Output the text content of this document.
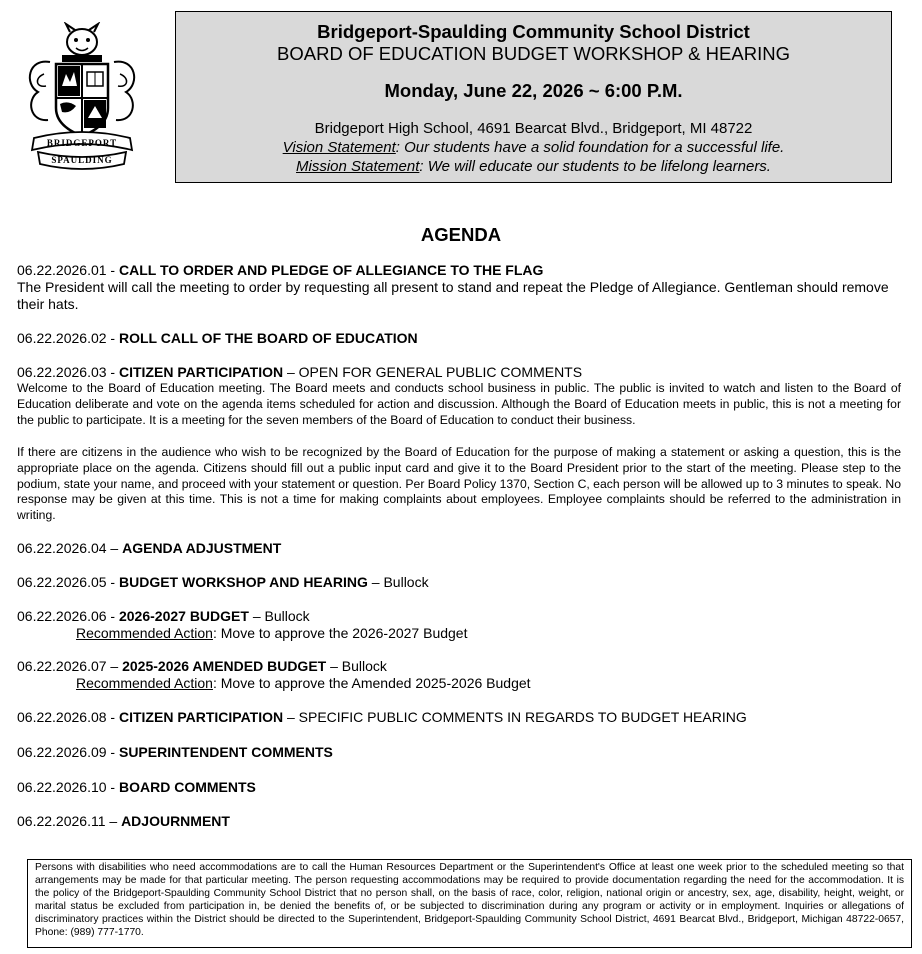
BRIDGEPORT
SPAULDING
Bridgeport-Spaulding Community School District
BOARD OF EDUCATION BUDGET WORKSHOP & HEARING
Monday, June 22, 2026 ~ 6:00 P.M.
Bridgeport High School, 4691 Bearcat Blvd., Bridgeport, MI 48722
Vision Statement: Our students have a solid foundation for a successful life.
Mission Statement: We will educate our students to be lifelong learners.
AGENDA
06.22.2026.01 - CALL TO ORDER AND PLEDGE OF ALLEGIANCE TO THE FLAG
The President will call the meeting to order by requesting all present to stand and repeat the Pledge of Allegiance. Gentleman should remove their hats.
06.22.2026.02 - ROLL CALL OF THE BOARD OF EDUCATION
06.22.2026.03 - CITIZEN PARTICIPATION – OPEN FOR GENERAL PUBLIC COMMENTS
Welcome to the Board of Education meeting. The Board meets and conducts school business in public. The public is invited to watch and listen to the Board of Education deliberate and vote on the agenda items scheduled for action and discussion. Although the Board of Education meets in public, this is not a meeting for the public to participate. It is a meeting for the seven members of the Board of Education to conduct their business.
If there are citizens in the audience who wish to be recognized by the Board of Education for the purpose of making a statement or asking a question, this is the appropriate place on the agenda. Citizens should fill out a public input card and give it to the Board President prior to the start of the meeting. Please step to the podium, state your name, and proceed with your statement or question. Per Board Policy 1370, Section C, each person will be allowed up to 3 minutes to speak. No response may be given at this time. This is not a time for making complaints about employees. Employee complaints should be referred to the administration in writing.
06.22.2026.04 – AGENDA ADJUSTMENT
06.22.2026.05 - BUDGET WORKSHOP AND HEARING – Bullock
06.22.2026.06 - 2026-2027 BUDGET – Bullock
Recommended Action: Move to approve the 2026-2027 Budget
06.22.2026.07 – 2025-2026 AMENDED BUDGET – Bullock
Recommended Action: Move to approve the Amended 2025-2026 Budget
06.22.2026.08 - CITIZEN PARTICIPATION – SPECIFIC PUBLIC COMMENTS IN REGARDS TO BUDGET HEARING
06.22.2026.09 - SUPERINTENDENT COMMENTS
06.22.2026.10 - BOARD COMMENTS
06.22.2026.11 – ADJOURNMENT
Persons with disabilities who need accommodations are to call the Human Resources Department or the Superintendent's Office at least one week prior to the scheduled meeting so that arrangements may be made for that particular meeting. The person requesting accommodations may be required to provide documentation regarding the need for the accommodation. It is the policy of the Bridgeport-Spaulding Community School District that no person shall, on the basis of race, color, religion, national origin or ancestry, sex, age, disability, height, weight, or marital status be excluded from participation in, be denied the benefits of, or be subjected to discrimination during any program or activity or in employment. Inquiries or allegations of discriminatory practices within the District should be directed to the Superintendent, Bridgeport-Spaulding Community School District, 4691 Bearcat Blvd., Bridgeport, Michigan 48722-0657, Phone: (989) 777-1770.
